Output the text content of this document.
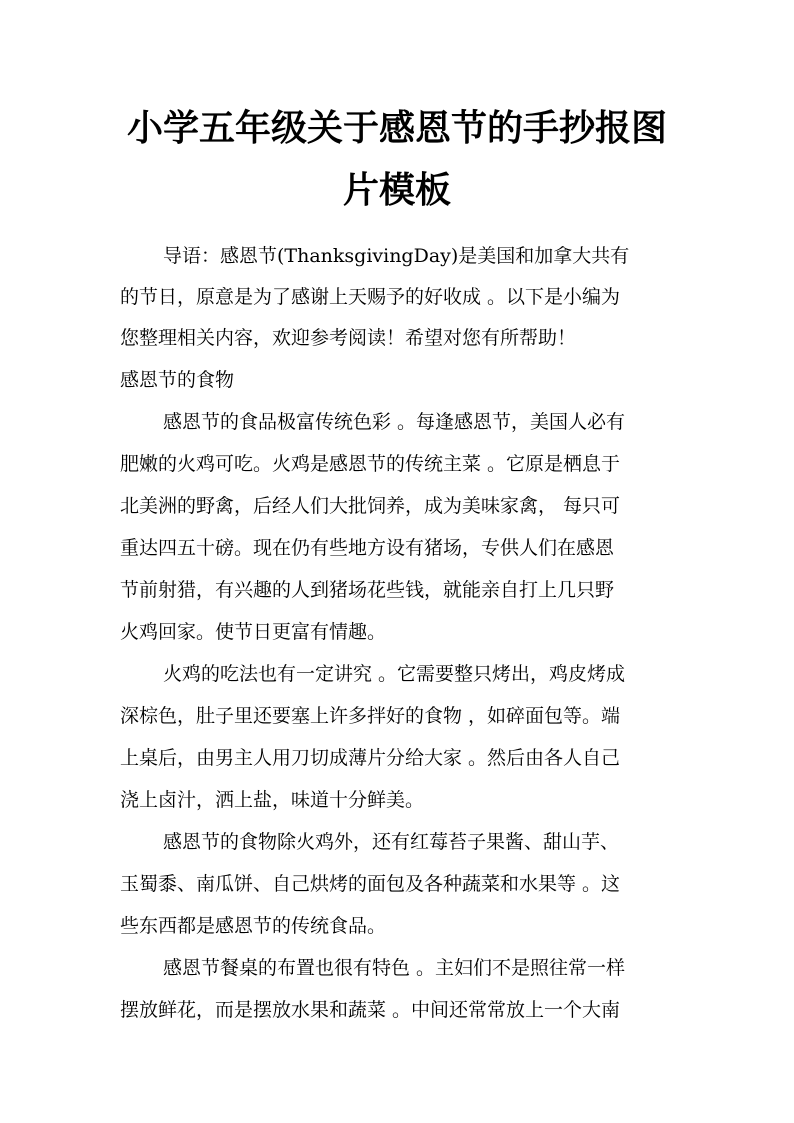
小学五年级关于感恩节的手抄报图
片模板
导语：感恩节(ThanksgivingDay)是美国和加拿大共有
的节日，原意是为了感谢上天赐予的好收成 。以下是小编为
您整理相关内容，欢迎参考阅读！希望对您有所帮助！
感恩节的食物
感恩节的食品极富传统色彩 。每逢感恩节，美国人必有
肥嫩的火鸡可吃。火鸡是感恩节的传统主菜 。它原是栖息于
北美洲的野禽，后经人们大批饲养，成为美味家禽， 每只可
重达四五十磅。现在仍有些地方设有猪场，专供人们在感恩
节前射猎，有兴趣的人到猪场花些钱，就能亲自打上几只野
火鸡回家。使节日更富有情趣。
火鸡的吃法也有一定讲究 。它需要整只烤出，鸡皮烤成
深棕色，肚子里还要塞上许多拌好的食物 ，如碎面包等。端
上桌后，由男主人用刀切成薄片分给大家 。然后由各人自己
浇上卤汁，洒上盐，味道十分鲜美。
感恩节的食物除火鸡外，还有红莓苔子果酱、甜山芋、
玉蜀黍、南瓜饼、自己烘烤的面包及各种蔬菜和水果等 。这
些东西都是感恩节的传统食品。
感恩节餐桌的布置也很有特色 。主妇们不是照往常一样
摆放鲜花，而是摆放水果和蔬菜 。中间还常常放上一个大南
